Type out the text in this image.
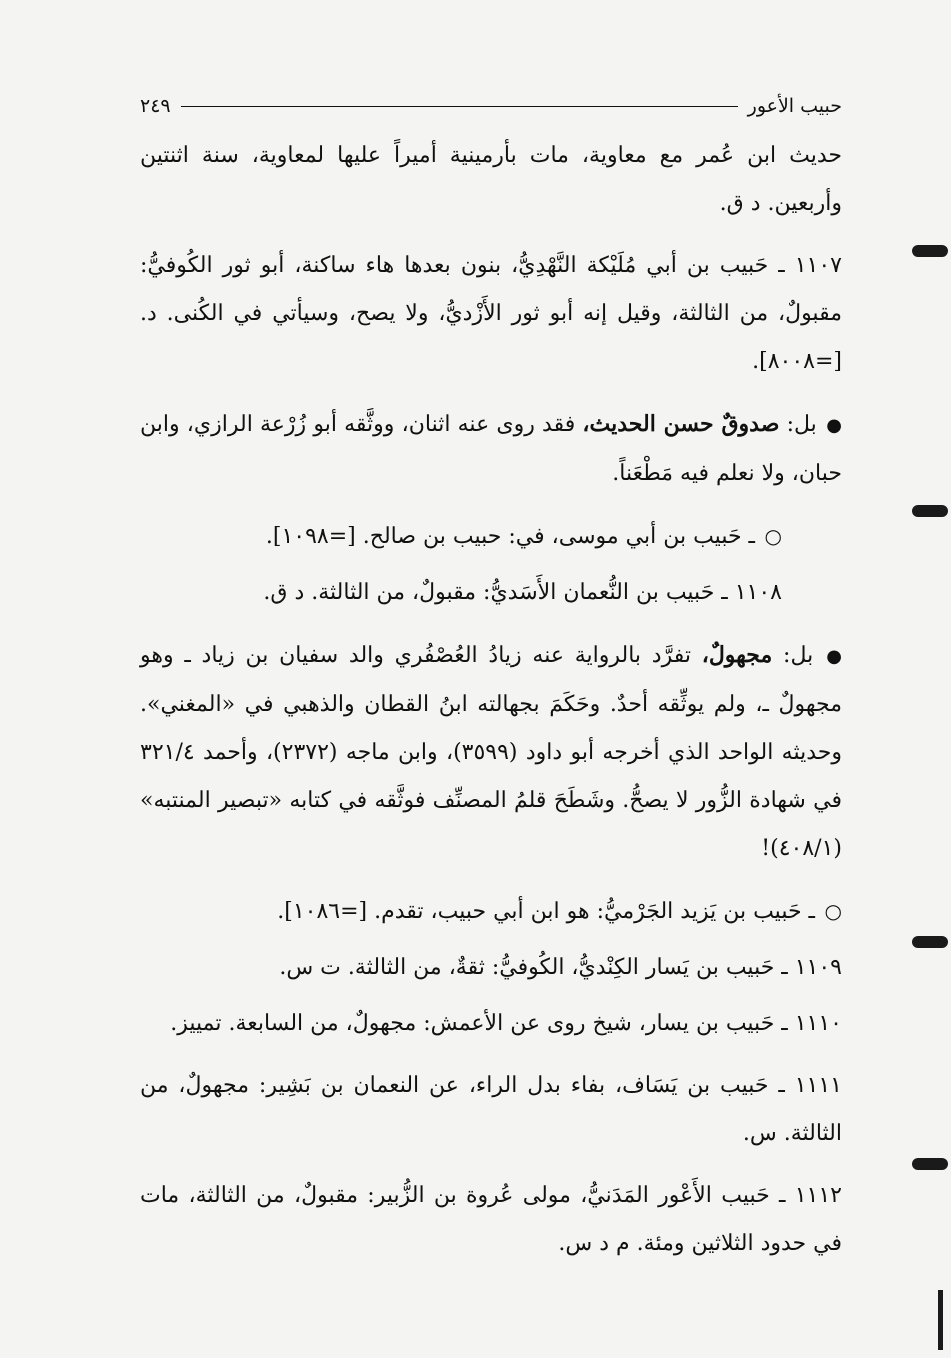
حبيب الأعور
٢٤٩

حديث ابن عُمر مع معاوية، مات بأرمينية أميراً عليها لمعاوية، سنة اثنتين وأربعين. د ق.

١١٠٧ ـ حَبيب بن أبي مُلَيْكة النَّهْدِيُّ، بنون بعدها هاء ساكنة، أبو ثور الكُوفيُّ: مقبولٌ، من الثالثة، وقيل إنه أبو ثور الأَزْديُّ، ولا يصح، وسيأتي في الكُنى. د. [=٨٠٠٨].

● بل: صدوقٌ حسن الحديث، فقد روى عنه اثنان، ووثَّقه أبو زُرْعة الرازي، وابن حبان، ولا نعلم فيه مَطْعَناً.

○ ـ حَبيب بن أبي موسى، في: حبيب بن صالح. [=١٠٩٨].

١١٠٨ ـ حَبيب بن النُّعمان الأَسَديُّ: مقبولٌ، من الثالثة. د ق.

● بل: مجهولٌ، تفرَّد بالرواية عنه زيادُ العُصْفُري والد سفيان بن زياد ـ وهو مجهولٌ ـ، ولم يوثِّقه أحدٌ. وحَكَمَ بجهالته ابنُ القطان والذهبي في «المغني». وحديثه الواحد الذي أخرجه أبو داود (٣٥٩٩)، وابن ماجه (٢٣٧٢)، وأحمد ٣٢١/٤ في شهادة الزُّور لا يصحُّ. وشَطَحَ قلمُ المصنِّف فوثَّقه في كتابه «تبصير المنتبه» (٤٠٨/١)!

○ ـ حَبيب بن يَزيد الجَرْميُّ: هو ابن أبي حبيب، تقدم. [=١٠٨٦].

١١٠٩ ـ حَبيب بن يَسار الكِنْديُّ، الكُوفيُّ: ثقةٌ، من الثالثة. ت س.

١١١٠ ـ حَبيب بن يسار، شيخ روى عن الأعمش: مجهولٌ، من السابعة. تمييز.

١١١١ ـ حَبيب بن يَسَاف، بفاء بدل الراء، عن النعمان بن بَشِير: مجهولٌ، من الثالثة. س.

١١١٢ ـ حَبيب الأَعْور المَدَنيُّ، مولى عُروة بن الزُّبير: مقبولٌ، من الثالثة، مات في حدود الثلاثين ومئة. م د س.
